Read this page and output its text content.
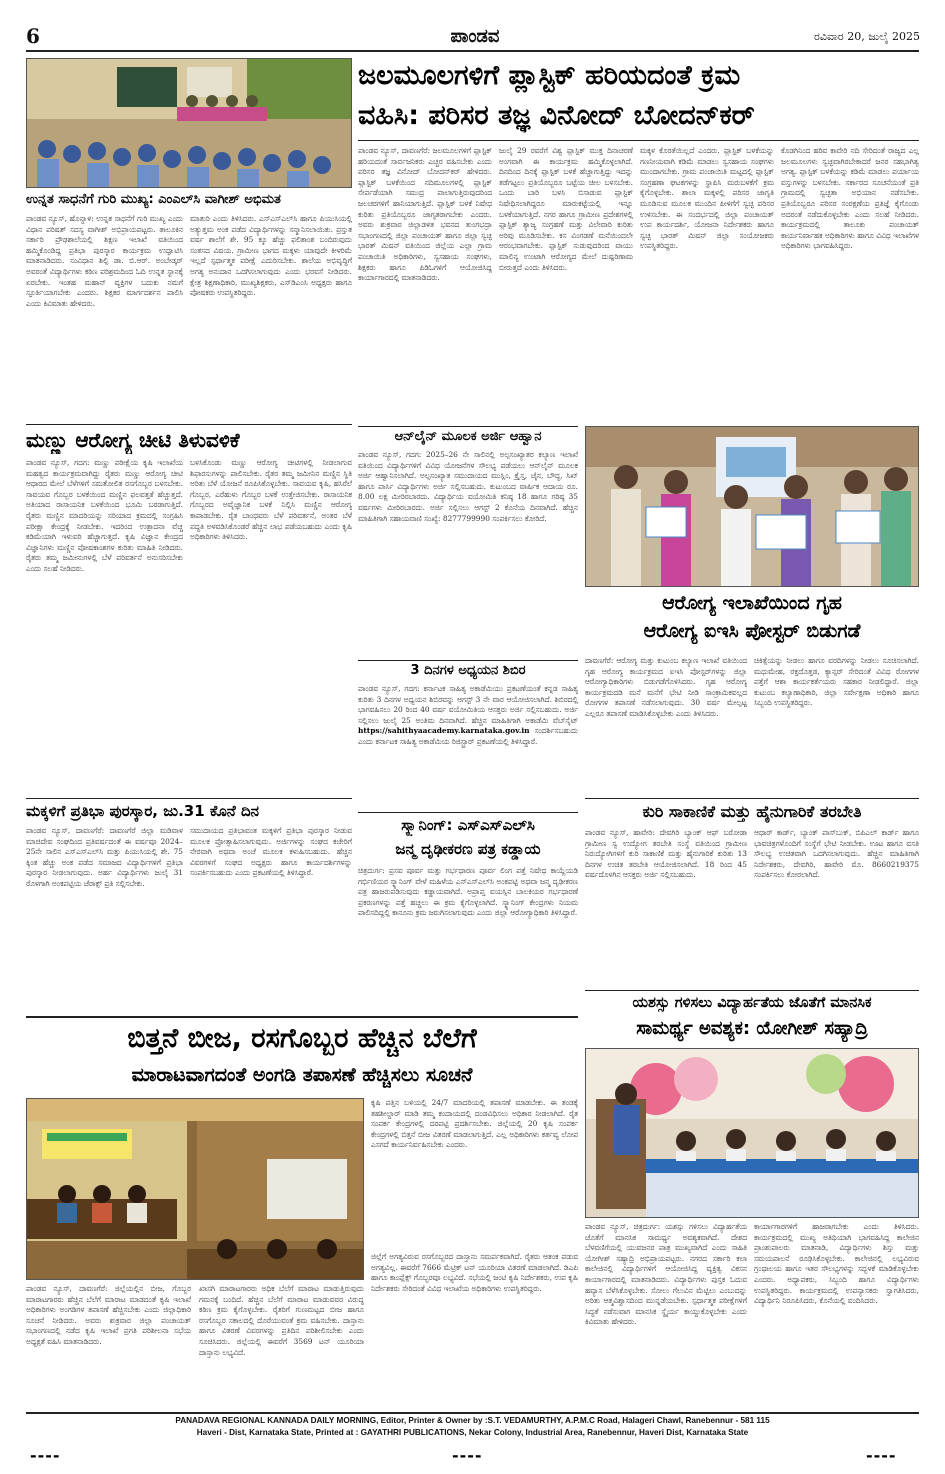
6	ಪಾಂಡವ	ರವಿವಾರ 20, ಜುಲೈ 2025
ಜಲಮೂಲಗಳಿಗೆ ಪ್ಲಾಸ್ಟಿಕ್ ಹರಿಯದಂತೆ ಕ್ರಮ
ವಹಿಸಿ: ಪರಿಸರ ತಜ್ಞ ವಿನೋದ್ ಬೋದನ್‌ಕರ್
ಪಾಂಡವ ನ್ಯೂಸ್, ದಾವಣಗೆರೆ: ಜಲಮೂಲಗಳಿಗೆ ಪ್ಲಾಸ್ಟಿಕ್ ಹರಿಯದಂತೆ ಸಾರ್ವಜನಿಕರು ಎಚ್ಚರ ವಹಿಸಬೇಕು ಎಂದು ಪರಿಸರ ತಜ್ಞ ವಿನೋದ್ ಬೋದನ್‌ಕರ್ ಹೇಳಿದರು. ಪ್ಲಾಸ್ಟಿಕ್ ಬಳಕೆಯಿಂದ ನದಿಮೂಲಗಳಲ್ಲಿ ಪ್ಲಾಸ್ಟಿಕ್ ಸೇರ್ಪಡೆಯಾಗಿ ಸಮುದ್ರ ಪಾಲಾಗುತ್ತಿರುವುದರಿಂದ ಜಲಚರಗಳಿಗೆ ಹಾನಿಯಾಗುತ್ತಿದೆ. ಪ್ಲಾಸ್ಟಿಕ್ ಬಳಕೆ ನಿಷೇಧ ಕುರಿತು ಪ್ರತಿಯೊಬ್ಬರೂ ಜಾಗೃತರಾಗಬೇಕು ಎಂದರು. ಅವರು ಶುಕ್ರವಾರ ಜಿಲ್ಲಾಡಳಿತ ಭವನದ ತುಂಗಭದ್ರಾ ಸಭಾಂಗಣದಲ್ಲಿ ಜಿಲ್ಲಾ ಪಂಚಾಯತ್ ಹಾಗೂ ಜಿಲ್ಲಾ ಸ್ವಚ್ಛ ಭಾರತ್ ಮಿಷನ್ ವತಿಯಿಂದ ಜಿಲ್ಲೆಯ ಎಲ್ಲಾ ಗ್ರಾಮ ಪಂಚಾಯಿತಿ ಅಧಿಕಾರಿಗಳು, ಸ್ವಸಹಾಯ ಸಂಘಗಳು, ಶಿಕ್ಷಕರು ಹಾಗೂ ಪಿಡಿಓಗಳಿಗೆ ಆಯೋಜಿಸಿದ್ದ ಕಾರ್ಯಾಗಾರದಲ್ಲಿ ಮಾತನಾಡಿದರು.
ಜುಲೈ 29 ರವರೆಗೆ ವಿಶ್ವ ಪ್ಲಾಸ್ಟಿಕ್ ಮುಕ್ತ ದಿನಾಚರಣೆ ಅಂಗವಾಗಿ ಈ ಕಾರ್ಯಕ್ರಮ ಹಮ್ಮಿಕೊಳ್ಳಲಾಗಿದೆ. ದಿನದಿಂದ ದಿನಕ್ಕೆ ಪ್ಲಾಸ್ಟಿಕ್ ಬಳಕೆ ಹೆಚ್ಚಾಗುತ್ತಿದ್ದು ಇದನ್ನು ತಡೆಗಟ್ಟಲು ಪ್ರತಿಯೊಬ್ಬರೂ ಬಟ್ಟೆಯ ಚೀಲ ಬಳಸಬೇಕು. ಒಂದು ಬಾರಿ ಬಳಸಿ ಬಿಸಾಡುವ ಪ್ಲಾಸ್ಟಿಕ್ ನಿಷೇಧಿಸಲಾಗಿದ್ದರೂ ಮಾರುಕಟ್ಟೆಯಲ್ಲಿ ಇನ್ನೂ ಬಳಕೆಯಾಗುತ್ತಿದೆ. ನಗರ ಹಾಗೂ ಗ್ರಾಮೀಣ ಪ್ರದೇಶಗಳಲ್ಲಿ ಪ್ಲಾಸ್ಟಿಕ್ ತ್ಯಾಜ್ಯ ಸಂಗ್ರಹಣೆ ಮತ್ತು ವಿಲೇವಾರಿ ಕುರಿತು ಅರಿವು ಮೂಡಿಸಬೇಕು. ಕಸ ವಿಂಗಡಣೆ ಮನೆಯಿಂದಲೇ ಆರಂಭವಾಗಬೇಕು. ಪ್ಲಾಸ್ಟಿಕ್ ಸುಡುವುದರಿಂದ ವಾಯು ಮಾಲಿನ್ಯ ಉಂಟಾಗಿ ಆರೋಗ್ಯದ ಮೇಲೆ ದುಷ್ಪರಿಣಾಮ ಬೀರುತ್ತದೆ ಎಂದು ತಿಳಿಸಿದರು.
ಮಕ್ಕಳ ಕೊರತೆಯಿಲ್ಲದೆ ಎಂದರು. ಪ್ಲಾಸ್ಟಿಕ್ ಬಳಕೆಯನ್ನು ಗಣನೀಯವಾಗಿ ಕಡಿಮೆ ಮಾಡಲು ಸ್ವಸಹಾಯ ಸಂಘಗಳು ಮುಂದಾಗಬೇಕು. ಗ್ರಾಮ ಪಂಚಾಯಿತಿ ಮಟ್ಟದಲ್ಲಿ ಪ್ಲಾಸ್ಟಿಕ್ ಸಂಗ್ರಹಣಾ ಘಟಕಗಳನ್ನು ಸ್ಥಾಪಿಸಿ ಮರುಬಳಕೆಗೆ ಕ್ರಮ ಕೈಗೊಳ್ಳಬೇಕು. ಶಾಲಾ ಮಕ್ಕಳಲ್ಲಿ ಪರಿಸರ ಜಾಗೃತಿ ಮೂಡಿಸುವ ಮೂಲಕ ಮುಂದಿನ ಪೀಳಿಗೆಗೆ ಸ್ವಚ್ಛ ಪರಿಸರ ಉಳಿಸಬೇಕು. ಈ ಸಂದರ್ಭದಲ್ಲಿ ಜಿಲ್ಲಾ ಪಂಚಾಯತ್ ಉಪ ಕಾರ್ಯದರ್ಶಿ, ಯೋಜನಾ ನಿರ್ದೇಶಕರು ಹಾಗೂ ಸ್ವಚ್ಛ ಭಾರತ್ ಮಿಷನ್ ಜಿಲ್ಲಾ ಸಂಯೋಜಕರು ಉಪಸ್ಥಿತರಿದ್ದರು.
ಕೊಡಗಿನಿಂದ ಹರಿವ ಕಾವೇರಿ ನದಿ ಸೇರಿದಂತೆ ರಾಜ್ಯದ ಎಲ್ಲ ಜಲಮೂಲಗಳು ಸ್ವಚ್ಛವಾಗಿರಬೇಕಾದರೆ ಜನರ ಸಹಭಾಗಿತ್ವ ಅಗತ್ಯ. ಪ್ಲಾಸ್ಟಿಕ್ ಬಳಕೆಯನ್ನು ಕಡಿಮೆ ಮಾಡಲು ಪರ್ಯಾಯ ವಸ್ತುಗಳನ್ನು ಬಳಸಬೇಕು. ಸರ್ಕಾರದ ಸೂಚನೆಯಂತೆ ಪ್ರತಿ ಗ್ರಾಮದಲ್ಲಿ ಸ್ವಚ್ಛತಾ ಅಭಿಯಾನ ನಡೆಸಬೇಕು. ಪ್ರತಿಯೊಬ್ಬರೂ ಪರಿಸರ ಸಂರಕ್ಷಣೆಯ ಪ್ರತಿಜ್ಞೆ ಕೈಗೊಂಡು ಅದರಂತೆ ನಡೆದುಕೊಳ್ಳಬೇಕು ಎಂದು ಸಲಹೆ ನೀಡಿದರು. ಕಾರ್ಯಕ್ರಮದಲ್ಲಿ ತಾಲೂಕು ಪಂಚಾಯತ್ ಕಾರ್ಯನಿರ್ವಾಹಕ ಅಧಿಕಾರಿಗಳು ಹಾಗೂ ವಿವಿಧ ಇಲಾಖೆಗಳ ಅಧಿಕಾರಿಗಳು ಭಾಗವಹಿಸಿದ್ದರು.
ಉನ್ನತ ಸಾಧನೆಗೆ ಗುರಿ ಮುಖ್ಯ: ಎಂಎಲ್‌ಸಿ ವಾಗೀಶ್ ಅಭಿಮತ
ಪಾಂಡವ ನ್ಯೂಸ್, ಹೊನ್ನಾಳಿ: ಉನ್ನತ ಸಾಧನೆಗೆ ಗುರಿ ಮುಖ್ಯ ಎಂದು ವಿಧಾನ ಪರಿಷತ್ ಸದಸ್ಯ ವಾಗೀಶ್ ಅಭಿಪ್ರಾಯಪಟ್ಟರು. ತಾಲೂಕಿನ ಸರ್ಕಾರಿ ಪ್ರೌಢಶಾಲೆಯಲ್ಲಿ ಶಿಕ್ಷಣ ಇಲಾಖೆ ವತಿಯಿಂದ ಹಮ್ಮಿಕೊಂಡಿದ್ದ ಪ್ರತಿಭಾ ಪುರಸ್ಕಾರ ಕಾರ್ಯಕ್ರಮ ಉದ್ಘಾಟಿಸಿ ಮಾತನಾಡಿದರು. ಸಂವಿಧಾನ ಶಿಲ್ಪಿ ಡಾ. ಬಿ.ಆರ್. ಅಂಬೇಡ್ಕರ್ ಅವರಂತೆ ವಿದ್ಯಾರ್ಥಿಗಳು ಕಠಿಣ ಪರಿಶ್ರಮದಿಂದ ಓದಿ ಉನ್ನತ ಸ್ಥಾನಕ್ಕೆ ಏರಬೇಕು. ಇಂತಹ ಮಹಾನ್ ವ್ಯಕ್ತಿಗಳ ಬದುಕು ನಮಗೆ ಸ್ಫೂರ್ತಿಯಾಗಬೇಕು ಎಂದರು. ಶಿಕ್ಷಕರ ಮಾರ್ಗದರ್ಶನ ಪಾಲಿಸಿ ಎಂದು ಕಿವಿಮಾತು ಹೇಳಿದರು.
ಮಾತುರಿ ಎಂದು ತಿಳಿಸಿದರು. ಎಸ್ಎಸ್ಎಲ್‌ಸಿ ಹಾಗೂ ಪಿಯುಸಿಯಲ್ಲಿ ಅತ್ಯುತ್ತಮ ಅಂಕ ಪಡೆದ ವಿದ್ಯಾರ್ಥಿಗಳನ್ನು ಸನ್ಮಾನಿಸಲಾಯಿತು. ಪ್ರಸ್ತುತ ವರ್ಷ ಶಾಲೆಗೆ ಶೇ. 95 ಕ್ಕೂ ಹೆಚ್ಚು ಫಲಿತಾಂಶ ಬಂದಿರುವುದು ಸಂತಸದ ವಿಷಯ. ಗ್ರಾಮೀಣ ಭಾಗದ ಮಕ್ಕಳು ಯಾವುದೇ ಕೀಳರಿಮೆ ಇಲ್ಲದೆ ಸ್ಪರ್ಧಾತ್ಮಕ ಪರೀಕ್ಷೆ ಎದುರಿಸಬೇಕು. ಶಾಲೆಯ ಅಭಿವೃದ್ಧಿಗೆ ಅಗತ್ಯ ಅನುದಾನ ಒದಗಿಸಲಾಗುವುದು ಎಂದು ಭರವಸೆ ನೀಡಿದರು. ಕ್ಷೇತ್ರ ಶಿಕ್ಷಣಾಧಿಕಾರಿ, ಮುಖ್ಯಶಿಕ್ಷಕರು, ಎಸ್‌ಡಿಎಂಸಿ ಅಧ್ಯಕ್ಷರು ಹಾಗೂ ಪೋಷಕರು ಉಪಸ್ಥಿತರಿದ್ದರು.
ಮಣ್ಣು ಆರೋಗ್ಯ ಚೀಟಿ ತಿಳುವಳಿಕೆ
ಪಾಂಡವ ನ್ಯೂಸ್, ಗದಗ: ಮಣ್ಣು ಪರೀಕ್ಷೆಯ ಕೃಷಿ ಇಲಾಖೆಯ ಮಹತ್ವದ ಕಾರ್ಯಕ್ರಮವಾಗಿದ್ದು ರೈತರು ಮಣ್ಣು ಆರೋಗ್ಯ ಚೀಟಿ ಆಧಾರದ ಮೇಲೆ ಬೆಳೆಗಳಿಗೆ ಸಮತೋಲಿತ ರಸಗೊಬ್ಬರ ಬಳಸಬೇಕು. ಸಾವಯವ ಗೊಬ್ಬರ ಬಳಕೆಯಿಂದ ಮಣ್ಣಿನ ಫಲವತ್ತತೆ ಹೆಚ್ಚುತ್ತದೆ. ಅತಿಯಾದ ರಾಸಾಯನಿಕ ಬಳಕೆಯಿಂದ ಭೂಮಿ ಬರಡಾಗುತ್ತಿದೆ. ರೈತರು ಮಣ್ಣಿನ ಮಾದರಿಯನ್ನು ಸರಿಯಾದ ಕ್ರಮದಲ್ಲಿ ಸಂಗ್ರಹಿಸಿ ಪರೀಕ್ಷಾ ಕೇಂದ್ರಕ್ಕೆ ನೀಡಬೇಕು. ಇದರಿಂದ ಉತ್ಪಾದನಾ ವೆಚ್ಚ ಕಡಿಮೆಯಾಗಿ ಇಳುವರಿ ಹೆಚ್ಚಾಗುತ್ತದೆ. ಕೃಷಿ ವಿಜ್ಞಾನ ಕೇಂದ್ರದ ವಿಜ್ಞಾನಿಗಳು ಮಣ್ಣಿನ ಪೋಷಕಾಂಶಗಳ ಕುರಿತು ಮಾಹಿತಿ ನೀಡಿದರು. ರೈತರು ತಮ್ಮ ಜಮೀನುಗಳಲ್ಲಿ ಬೆಳೆ ಪರಿವರ್ತನೆ ಅನುಸರಿಸಬೇಕು ಎಂದು ಸಲಹೆ ನೀಡಿದರು.
ಬಳಸಿಕೊಂಡು ಮಣ್ಣು ಆರೋಗ್ಯ ಚೀಟಿಗಳಲ್ಲಿ ನೀಡಲಾಗುವ ಶಿಫಾರಸುಗಳನ್ನು ಪಾಲಿಸಬೇಕು. ರೈತರ ತಮ್ಮ ಜಮೀನಿನ ಮಣ್ಣಿನ ಸ್ಥಿತಿ ಅರಿತು ಬೆಳೆ ಯೋಜನೆ ರೂಪಿಸಿಕೊಳ್ಳಬೇಕು. ಸಾವಯವ ಕೃಷಿ, ಹಸಿರೆಲೆ ಗೊಬ್ಬರ, ಎರೆಹುಳು ಗೊಬ್ಬರ ಬಳಕೆ ಉತ್ತೇಜಿಸಬೇಕು. ರಾಸಾಯನಿಕ ಗೊಬ್ಬರದ ಅವೈಜ್ಞಾನಿಕ ಬಳಕೆ ನಿಲ್ಲಿಸಿ ಮಣ್ಣಿನ ಆರೋಗ್ಯ ಕಾಪಾಡಬೇಕು. ರೈತ ಬಾಂಧವರು ಬೆಳೆ ಪರಿವರ್ತನೆ, ಅಂತರ ಬೆಳೆ ಪದ್ಧತಿ ಅಳವಡಿಸಿಕೊಂಡರೆ ಹೆಚ್ಚಿನ ಲಾಭ ಪಡೆಯಬಹುದು ಎಂದು ಕೃಷಿ ಅಧಿಕಾರಿಗಳು ತಿಳಿಸಿದರು.
ಆನ್‌ಲೈನ್ ಮೂಲಕ ಅರ್ಜಿ ಆಹ್ವಾನ
ಪಾಂಡವ ನ್ಯೂಸ್, ಗದಗ: 2025–26 ನೇ ಸಾಲಿನಲ್ಲಿ ಅಲ್ಪಸಂಖ್ಯಾತರ ಕಲ್ಯಾಣ ಇಲಾಖೆ ವತಿಯಿಂದ ವಿದ್ಯಾರ್ಥಿಗಳಿಗೆ ವಿವಿಧ ಯೋಜನೆಗಳ ಸೌಲಭ್ಯ ಪಡೆಯಲು ಆನ್‌ಲೈನ್ ಮೂಲಕ ಅರ್ಜಿ ಆಹ್ವಾನಿಸಲಾಗಿದೆ. ಅಲ್ಪಸಂಖ್ಯಾತ ಸಮುದಾಯದ ಮುಸ್ಲಿಂ, ಕ್ರೈಸ್ತ, ಜೈನ, ಬೌದ್ಧ, ಸಿಖ್ ಹಾಗೂ ಪಾರ್ಸಿ ವಿದ್ಯಾರ್ಥಿಗಳು ಅರ್ಜಿ ಸಲ್ಲಿಸಬಹುದು. ಕುಟುಂಬದ ವಾರ್ಷಿಕ ಆದಾಯ ರೂ. 8.00 ಲಕ್ಷ ಮೀರಿರಬಾರದು. ವಿದ್ಯಾರ್ಥಿಯ ವಯೋಮಿತಿ ಕನಿಷ್ಠ 18 ಹಾಗೂ ಗರಿಷ್ಠ 35 ವರ್ಷಗಳು ಮೀರಿರಬಾರದು. ಅರ್ಜಿ ಸಲ್ಲಿಸಲು ಆಗಸ್ಟ್ 2 ಕೊನೆಯ ದಿನವಾಗಿದೆ. ಹೆಚ್ಚಿನ ಮಾಹಿತಿಗಾಗಿ ಸಹಾಯವಾಣಿ ಸಂಖ್ಯೆ: 8277799990 ಸಂಪರ್ಕಿಸಲು ಕೋರಿದೆ.
ಆರೋಗ್ಯ ಇಲಾಖೆಯಿಂದ ಗೃಹ
ಆರೋಗ್ಯ ಐಇಸಿ ಪೋಸ್ಟರ್ ಬಿಡುಗಡೆ
ದಾವಣಗೆರೆ: ಆರೋಗ್ಯ ಮತ್ತು ಕುಟುಂಬ ಕಲ್ಯಾಣ ಇಲಾಖೆ ವತಿಯಿಂದ ಗೃಹ ಆರೋಗ್ಯ ಕಾರ್ಯಕ್ರಮದ ಐಇಸಿ ಪೋಸ್ಟರ್‌ಗಳನ್ನು ಜಿಲ್ಲಾ ಆರೋಗ್ಯಾಧಿಕಾರಿಗಳು ಬಿಡುಗಡೆಗೊಳಿಸಿದರು. ಗೃಹ ಆರೋಗ್ಯ ಕಾರ್ಯಕ್ರಮದಡಿ ಮನೆ ಮನೆಗೆ ಭೇಟಿ ನೀಡಿ ಸಾಂಕ್ರಾಮಿಕವಲ್ಲದ ರೋಗಗಳ ತಪಾಸಣೆ ನಡೆಸಲಾಗುವುದು. 30 ವರ್ಷ ಮೇಲ್ಪಟ್ಟ ಎಲ್ಲರೂ ತಪಾಸಣೆ ಮಾಡಿಸಿಕೊಳ್ಳಬೇಕು ಎಂದು ತಿಳಿಸಿದರು.
ಚಿಕಿತ್ಸೆಯನ್ನು ನೀಡಲು ಹಾಗೂ ವರದಿಗಳನ್ನು ನೀಡಲು ಸೂಚಿಸಲಾಗಿದೆ. ಮಧುಮೇಹ, ರಕ್ತದೊತ್ತಡ, ಕ್ಯಾನ್ಸರ್ ಸೇರಿದಂತೆ ವಿವಿಧ ರೋಗಗಳ ಪತ್ತೆಗೆ ಆಶಾ ಕಾರ್ಯಕರ್ತೆಯರು ಸಹಕಾರ ನೀಡಲಿದ್ದಾರೆ. ಜಿಲ್ಲಾ ಕುಟುಂಬ ಕಲ್ಯಾಣಾಧಿಕಾರಿ, ಜಿಲ್ಲಾ ಸರ್ವೇಕ್ಷಣಾ ಅಧಿಕಾರಿ ಹಾಗೂ ಸಿಬ್ಬಂದಿ ಉಪಸ್ಥಿತರಿದ್ದರು.
3 ದಿನಗಳ ಅಧ್ಯಯನ ಶಿಬಿರ
ಪಾಂಡವ ನ್ಯೂಸ್, ಗದಗ: ಕರ್ನಾಟಕ ಸಾಹಿತ್ಯ ಅಕಾಡೆಮಿಯು ಪ್ರಕಟಣೆಯಂತೆ ಕನ್ನಡ ಸಾಹಿತ್ಯ ಕುರಿತು 3 ದಿನಗಳ ಅಧ್ಯಯನ ಶಿಬಿರವನ್ನು ಆಗಸ್ಟ್ 3 ನೇ ವಾರ ಆಯೋಜಿಸಲಾಗಿದೆ. ಶಿಬಿರದಲ್ಲಿ ಭಾಗವಹಿಸಲು 20 ರಿಂದ 40 ವರ್ಷ ವಯೋಮಿತಿಯ ಆಸಕ್ತರು ಅರ್ಜಿ ಸಲ್ಲಿಸಬಹುದು. ಅರ್ಜಿ ಸಲ್ಲಿಸಲು ಜುಲೈ 25 ಅಂತಿಮ ದಿನವಾಗಿದೆ. ಹೆಚ್ಚಿನ ಮಾಹಿತಿಗಾಗಿ ಅಕಾಡೆಮಿ ವೆಬ್‌ಸೈಟ್ https://sahithyaacademy.karnataka.gov.in ಸಂದರ್ಶಿಸಬಹುದು ಎಂದು ಕರ್ನಾಟಕ ಸಾಹಿತ್ಯ ಅಕಾಡೆಮಿಯ ರಿಜಿಸ್ಟ್ರಾರ್ ಪ್ರಕಟಣೆಯಲ್ಲಿ ತಿಳಿಸಿದ್ದಾರೆ.
ಕುರಿ ಸಾಕಾಣಿಕೆ ಮತ್ತು ಹೈನುಗಾರಿಕೆ ತರಬೇತಿ
ಪಾಂಡವ ನ್ಯೂಸ್, ಹಾವೇರಿ: ದೇವಗಿರಿ ಬ್ಯಾಂಕ್ ಆಫ್ ಬರೋಡಾ ಗ್ರಾಮೀಣ ಸ್ವ ಉದ್ಯೋಗ ತರಬೇತಿ ಸಂಸ್ಥೆ ವತಿಯಿಂದ ಗ್ರಾಮೀಣ ನಿರುದ್ಯೋಗಿಗಳಿಗೆ ಕುರಿ ಸಾಕಾಣಿಕೆ ಮತ್ತು ಹೈನುಗಾರಿಕೆ ಕುರಿತು 13 ದಿನಗಳ ಉಚಿತ ತರಬೇತಿ ಆಯೋಜಿಸಲಾಗಿದೆ. 18 ರಿಂದ 45 ವರ್ಷದೊಳಗಿನ ಆಸಕ್ತರು ಅರ್ಜಿ ಸಲ್ಲಿಸಬಹುದು.
ಆಧಾರ್ ಕಾರ್ಡ್, ಬ್ಯಾಂಕ್ ಪಾಸ್‌ಬುಕ್, ಬಿಪಿಎಲ್ ಕಾರ್ಡ್ ಹಾಗೂ ಭಾವಚಿತ್ರಗಳೊಂದಿಗೆ ಸಂಸ್ಥೆಗೆ ಭೇಟಿ ನೀಡಬೇಕು. ಊಟ ಹಾಗೂ ವಸತಿ ಸೌಲಭ್ಯ ಉಚಿತವಾಗಿ ಒದಗಿಸಲಾಗುವುದು. ಹೆಚ್ಚಿನ ಮಾಹಿತಿಗಾಗಿ ನಿರ್ದೇಶಕರು, ದೇವಗಿರಿ, ಹಾವೇರಿ ಮೊ. 8660219375 ಸಂಪರ್ಕಿಸಲು ಕೋರಲಾಗಿದೆ.
ಮಕ್ಕಳಿಗೆ ಪ್ರತಿಭಾ ಪುರಸ್ಕಾರ, ಜು.31 ಕೊನೆ ದಿನ
ಪಾಂಡವ ನ್ಯೂಸ್, ದಾವಣಗೆರೆ: ದಾವಣಗೆರೆ ಜಿಲ್ಲಾ ಮಡಿವಾಳ ಮಾಚಿದೇವ ಸಂಘದಿಂದ ಪ್ರತಿವರ್ಷದಂತೆ ಈ ವರ್ಷವೂ 2024–25ನೇ ಸಾಲಿನ ಎಸ್ಎಸ್ಎಲ್‌ಸಿ ಮತ್ತು ಪಿಯುಸಿಯಲ್ಲಿ ಶೇ. 75 ಕ್ಕಿಂತ ಹೆಚ್ಚು ಅಂಕ ಪಡೆದ ಸಮಾಜದ ವಿದ್ಯಾರ್ಥಿಗಳಿಗೆ ಪ್ರತಿಭಾ ಪುರಸ್ಕಾರ ನೀಡಲಾಗುವುದು. ಅರ್ಹ ವಿದ್ಯಾರ್ಥಿಗಳು ಜುಲೈ 31 ರೊಳಗಾಗಿ ಅಂಕಪಟ್ಟಿಯ ಜೆರಾಕ್ಸ್ ಪ್ರತಿ ಸಲ್ಲಿಸಬೇಕು.
ಸಮುದಾಯದ ಪ್ರತಿಭಾವಂತ ಮಕ್ಕಳಿಗೆ ಪ್ರತಿಭಾ ಪುರಸ್ಕಾರ ನೀಡುವ ಮೂಲಕ ಪ್ರೋತ್ಸಾಹಿಸಲಾಗುವುದು. ಅರ್ಜಿಗಳನ್ನು ಸಂಘದ ಕಚೇರಿಗೆ ನೇರವಾಗಿ ಅಥವಾ ಅಂಚೆ ಮೂಲಕ ಕಳುಹಿಸಬಹುದು. ಹೆಚ್ಚಿನ ವಿವರಗಳಿಗೆ ಸಂಘದ ಅಧ್ಯಕ್ಷರು ಹಾಗೂ ಕಾರ್ಯದರ್ಶಿಗಳನ್ನು ಸಂಪರ್ಕಿಸಬಹುದು ಎಂದು ಪ್ರಕಟಣೆಯಲ್ಲಿ ತಿಳಿಸಿದ್ದಾರೆ.
ಸ್ಕ್ಯಾನಿಂಗ್: ಎಸ್‌ಎಸ್‌ಎಲ್‌ಸಿ
ಜನ್ಮ ದೃಢೀಕರಣ ಪತ್ರ ಕಡ್ಡಾಯ
ಚಿತ್ರದುರ್ಗ: ಪ್ರಸವ ಪೂರ್ವ ಮತ್ತು ಗರ್ಭಧಾರಣ ಪೂರ್ವ ಲಿಂಗ ಪತ್ತೆ ನಿಷೇಧ ಕಾಯ್ದೆಯಡಿ ಗರ್ಭಿಣಿಯರ ಸ್ಕ್ಯಾನಿಂಗ್ ವೇಳೆ ಮಹಿಳೆಯ ಎಸ್‌ಎಸ್‌ಎಲ್‌ಸಿ ಅಂಕಪಟ್ಟಿ ಅಥವಾ ಜನ್ಮ ದೃಢೀಕರಣ ಪತ್ರ ಹಾಜರುಪಡಿಸುವುದು ಕಡ್ಡಾಯವಾಗಿದೆ. ಅಪ್ರಾಪ್ತ ವಯಸ್ಸಿನ ಬಾಲಕಿಯರ ಗರ್ಭಧಾರಣೆ ಪ್ರಕರಣಗಳನ್ನು ಪತ್ತೆ ಹಚ್ಚಲು ಈ ಕ್ರಮ ಕೈಗೊಳ್ಳಲಾಗಿದೆ. ಸ್ಕ್ಯಾನಿಂಗ್ ಕೇಂದ್ರಗಳು ನಿಯಮ ಪಾಲಿಸದಿದ್ದಲ್ಲಿ ಕಾನೂನು ಕ್ರಮ ಜರುಗಿಸಲಾಗುವುದು ಎಂದು ಜಿಲ್ಲಾ ಆರೋಗ್ಯಾಧಿಕಾರಿ ತಿಳಿಸಿದ್ದಾರೆ.
ಯಶಸ್ಸು ಗಳಿಸಲು ವಿದ್ಯಾರ್ಹತೆಯ ಜೊತೆಗೆ ಮಾನಸಿಕ
ಸಾಮರ್ಥ್ಯ ಅವಶ್ಯಕ: ಯೋಗೀಶ್ ಸಹ್ಯಾದ್ರಿ
ಪಾಂಡವ ನ್ಯೂಸ್, ಚಿತ್ರದುರ್ಗ: ಯಶಸ್ಸು ಗಳಿಸಲು ವಿದ್ಯಾರ್ಹತೆಯ ಜೊತೆಗೆ ಮಾನಸಿಕ ಸಾಮರ್ಥ್ಯ ಅವಶ್ಯಕವಾಗಿದೆ. ದೇಶದ ಬೆಳವಣಿಗೆಯಲ್ಲಿ ಯುವಜನರ ಪಾತ್ರ ಮುಖ್ಯವಾಗಿದೆ ಎಂದು ಸಾಹಿತಿ ಯೋಗೀಶ್ ಸಹ್ಯಾದ್ರಿ ಅಭಿಪ್ರಾಯಪಟ್ಟರು. ನಗರದ ಸರ್ಕಾರಿ ಕಲಾ ಕಾಲೇಜಿನಲ್ಲಿ ವಿದ್ಯಾರ್ಥಿಗಳಿಗೆ ಆಯೋಜಿಸಿದ್ದ ವ್ಯಕ್ತಿತ್ವ ವಿಕಸನ ಕಾರ್ಯಾಗಾರದಲ್ಲಿ ಮಾತನಾಡಿದರು. ವಿದ್ಯಾರ್ಥಿಗಳು ಪುಸ್ತಕ ಓದುವ ಹವ್ಯಾಸ ಬೆಳೆಸಿಕೊಳ್ಳಬೇಕು. ಸೋಲು ಗೆಲುವಿನ ಮೆಟ್ಟಿಲು ಎಂಬುದನ್ನು ಅರಿತು ಆತ್ಮವಿಶ್ವಾಸದಿಂದ ಮುನ್ನಡೆಯಬೇಕು. ಸ್ಪರ್ಧಾತ್ಮಕ ಪರೀಕ್ಷೆಗಳಿಗೆ ಸಿದ್ಧತೆ ನಡೆಸುವಾಗ ಮಾನಸಿಕ ಸ್ಥೈರ್ಯ ಕಾಯ್ದುಕೊಳ್ಳಬೇಕು ಎಂದು ಕಿವಿಮಾತು ಹೇಳಿದರು.
ಕಾರ್ಯಾಗಾರಗಳಿಗೆ ಹಾಜರಾಗಬೇಕು ಎಂದು ತಿಳಿಸಿದರು. ಕಾರ್ಯಕ್ರಮದಲ್ಲಿ ಮುಖ್ಯ ಅತಿಥಿಯಾಗಿ ಭಾಗವಹಿಸಿದ್ದ ಕಾಲೇಜಿನ ಪ್ರಾಂಶುಪಾಲರು ಮಾತನಾಡಿ, ವಿದ್ಯಾರ್ಥಿಗಳು ಶಿಸ್ತು ಮತ್ತು ಸಮಯಪಾಲನೆ ರೂಢಿಸಿಕೊಳ್ಳಬೇಕು. ಕಾಲೇಜಿನಲ್ಲಿ ಲಭ್ಯವಿರುವ ಗ್ರಂಥಾಲಯ ಹಾಗೂ ಇತರ ಸೌಲಭ್ಯಗಳನ್ನು ಸದ್ಬಳಕೆ ಮಾಡಿಕೊಳ್ಳಬೇಕು ಎಂದರು. ಅಧ್ಯಾಪಕರು, ಸಿಬ್ಬಂದಿ ಹಾಗೂ ವಿದ್ಯಾರ್ಥಿಗಳು ಉಪಸ್ಥಿತರಿದ್ದರು. ಕಾರ್ಯಕ್ರಮದಲ್ಲಿ ಉಪನ್ಯಾಸಕರು ಸ್ವಾಗತಿಸಿದರು, ವಿದ್ಯಾರ್ಥಿನಿ ನಿರೂಪಿಸಿದರು, ಕೊನೆಯಲ್ಲಿ ವಂದಿಸಿದರು.
ಬಿತ್ತನೆ ಬೀಜ, ರಸಗೊಬ್ಬರ ಹೆಚ್ಚಿನ ಬೆಲೆಗೆ
ಮಾರಾಟವಾಗದಂತೆ ಅಂಗಡಿ ತಪಾಸಣೆ ಹೆಚ್ಚಿಸಲು ಸೂಚನೆ
ಪಾಂಡವ ನ್ಯೂಸ್, ದಾವಣಗೆರೆ: ಜಿಲ್ಲೆಯಲ್ಲಿನ ಬೀಜ, ಗೊಬ್ಬರ ಮಾರಾಟಗಾರರು ಹೆಚ್ಚಿನ ಬೆಲೆಗೆ ಮಾರಾಟ ಮಾಡದಂತೆ ಕೃಷಿ ಇಲಾಖೆ ಅಧಿಕಾರಿಗಳು ಅಂಗಡಿಗಳ ತಪಾಸಣೆ ಹೆಚ್ಚಿಸಬೇಕು ಎಂದು ಜಿಲ್ಲಾಧಿಕಾರಿ ಸೂಚನೆ ನೀಡಿದರು. ಅವರು ಶುಕ್ರವಾರ ಜಿಲ್ಲಾ ಪಂಚಾಯತ್ ಸಭಾಂಗಣದಲ್ಲಿ ನಡೆದ ಕೃಷಿ ಇಲಾಖೆ ಪ್ರಗತಿ ಪರಿಶೀಲನಾ ಸಭೆಯ ಅಧ್ಯಕ್ಷತೆ ವಹಿಸಿ ಮಾತನಾಡಿದರು.
ಖಾಸಗಿ ಮಾರಾಟಗಾರರು ಅಧಿಕ ಬೆಲೆಗೆ ಮಾರಾಟ ಮಾಡುತ್ತಿರುವುದು ಗಮನಕ್ಕೆ ಬಂದಿದೆ. ಹೆಚ್ಚಿನ ಬೆಲೆಗೆ ಮಾರಾಟ ಮಾಡುವವರ ವಿರುದ್ಧ ಕಠಿಣ ಕ್ರಮ ಕೈಗೊಳ್ಳಬೇಕು. ರೈತರಿಗೆ ಗುಣಮಟ್ಟದ ಬೀಜ ಹಾಗೂ ರಸಗೊಬ್ಬರ ಸಕಾಲದಲ್ಲಿ ದೊರೆಯುವಂತೆ ಕ್ರಮ ವಹಿಸಬೇಕು. ದಾಸ್ತಾನು ಹಾಗೂ ವಿತರಣೆ ವಿವರಗಳನ್ನು ಪ್ರತಿದಿನ ಪರಿಶೀಲಿಸಬೇಕು ಎಂದು ಸೂಚಿಸಿದರು. ಜಿಲ್ಲೆಯಲ್ಲಿ ಈವರೆಗೆ 3569 ಟನ್ ಯೂರಿಯಾ ದಾಸ್ತಾನು ಲಭ್ಯವಿದೆ.
ಕೃಷಿ ಪತ್ತಿನ ಬಳಿಯಲ್ಲಿ 24/7 ಮಾದರಿಯಲ್ಲಿ ತಪಾಸಣೆ ಮಾಡಬೇಕು. ಈ ತಂಡಕ್ಕೆ ತಹಶೀಲ್ದಾರ್ ಮಾಡಿ ತಮ್ಮ ಕಂದಾಯದಲ್ಲಿ ದಂಡವಿಧಿಸಲು ಅಧಿಕಾರ ನೀಡಲಾಗಿದೆ. ರೈತ ಸಂಪರ್ಕ ಕೇಂದ್ರಗಳಲ್ಲಿ ದರಪಟ್ಟಿ ಪ್ರದರ್ಶಿಸಬೇಕು. ಜಿಲ್ಲೆಯಲ್ಲಿ 20 ಕೃಷಿ ಸಂಪರ್ಕ ಕೇಂದ್ರಗಳಲ್ಲಿ ಬಿತ್ತನೆ ಬೀಜ ವಿತರಣೆ ಮಾಡಲಾಗುತ್ತಿದೆ. ಎಲ್ಲ ಅಧಿಕಾರಿಗಳು ಕರ್ತವ್ಯ ಲೋಪ ಎಸಗದೆ ಕಾರ್ಯನಿರ್ವಹಿಸಬೇಕು ಎಂದರು.
ಜಿಲ್ಲೆಗೆ ಅಗತ್ಯವಿರುವ ರಸಗೊಬ್ಬರದ ದಾಸ್ತಾನು ಸಮರ್ಪಕವಾಗಿದೆ. ರೈತರು ಆತಂಕ ಪಡುವ ಅಗತ್ಯವಿಲ್ಲ. ಈವರೆಗೆ 7666 ಮೆಟ್ರಿಕ್ ಟನ್ ಯೂರಿಯಾ ವಿತರಣೆ ಮಾಡಲಾಗಿದೆ. ಡಿಎಪಿ ಹಾಗೂ ಕಾಂಪ್ಲೆಕ್ಸ್ ಗೊಬ್ಬರವೂ ಲಭ್ಯವಿದೆ. ಸಭೆಯಲ್ಲಿ ಜಂಟಿ ಕೃಷಿ ನಿರ್ದೇಶಕರು, ಉಪ ಕೃಷಿ ನಿರ್ದೇಶಕರು ಸೇರಿದಂತೆ ವಿವಿಧ ಇಲಾಖೆಯ ಅಧಿಕಾರಿಗಳು ಉಪಸ್ಥಿತರಿದ್ದರು.
PANADAVA REGIONAL KANNADA DAILY MORNING, Editor, Printer & Owner by :S.T. VEDAMURTHY, A.P.M.C Road, Halageri Chawl, Ranebennur - 581 115
Haveri - Dist, Karnataka State, Printed at : GAYATHRI PUBLICATIONS, Nekar Colony, Industrial Area, Ranebennur, Haveri Dist, Karnataka State
----	----	----
